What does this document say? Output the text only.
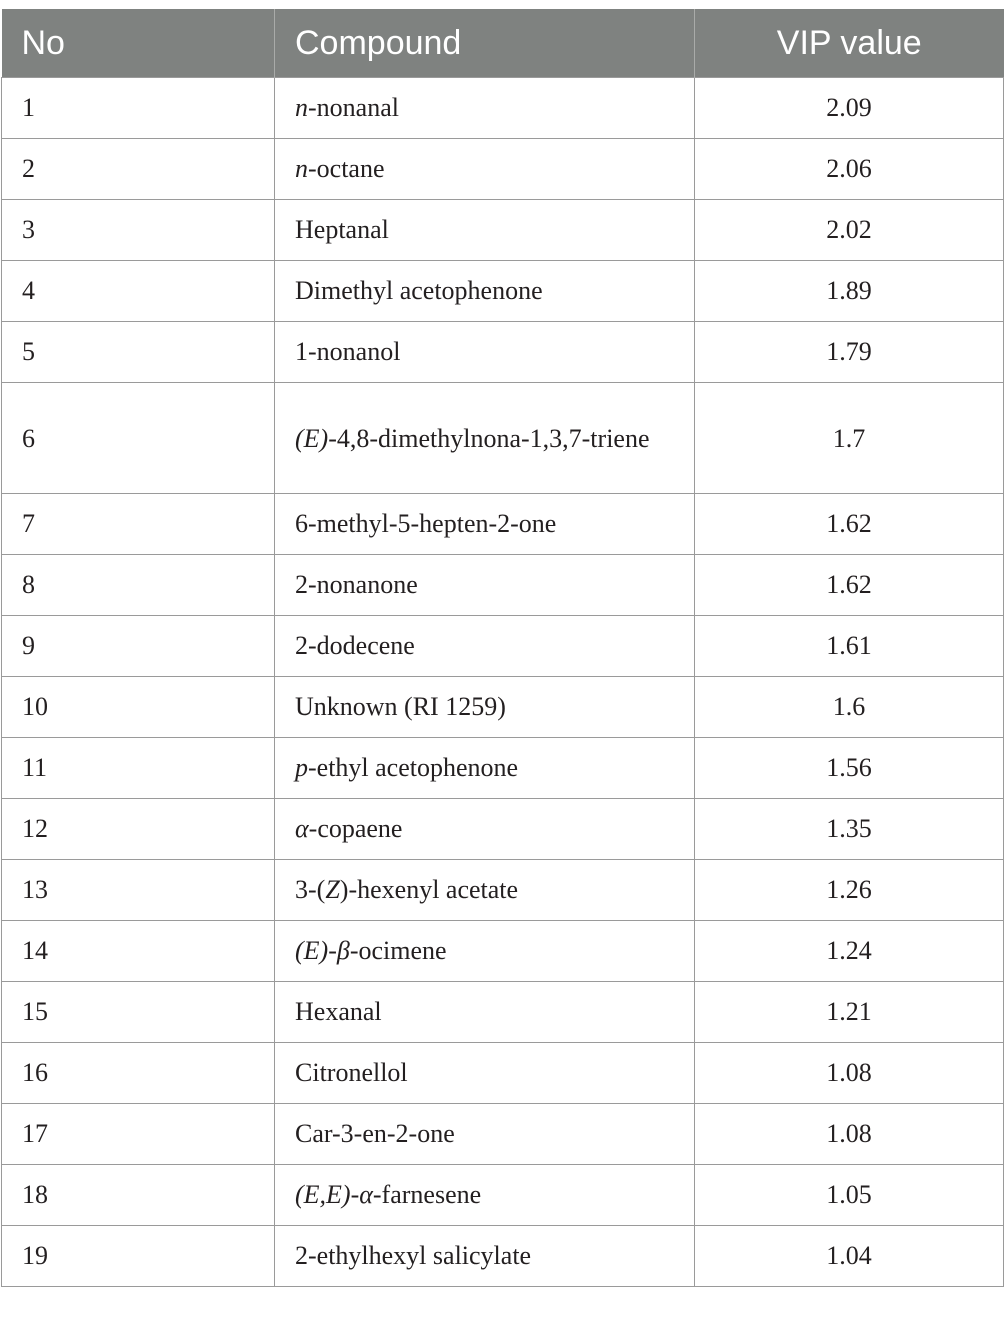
No	Compound	VIP value
1	n-nonanal	2.09
2	n-octane	2.06
3	Heptanal	2.02
4	Dimethyl acetophenone	1.89
5	1-nonanol	1.79
6	(E)-4,8-dimethylnona-1,3,7-triene	1.7
7	6-methyl-5-hepten-2-one	1.62
8	2-nonanone	1.62
9	2-dodecene	1.61
10	Unknown (RI 1259)	1.6
11	p-ethyl acetophenone	1.56
12	α-copaene	1.35
13	3-(Z)-hexenyl acetate	1.26
14	(E)-β-ocimene	1.24
15	Hexanal	1.21
16	Citronellol	1.08
17	Car-3-en-2-one	1.08
18	(E,E)-α-farnesene	1.05
19	2-ethylhexyl salicylate	1.04
